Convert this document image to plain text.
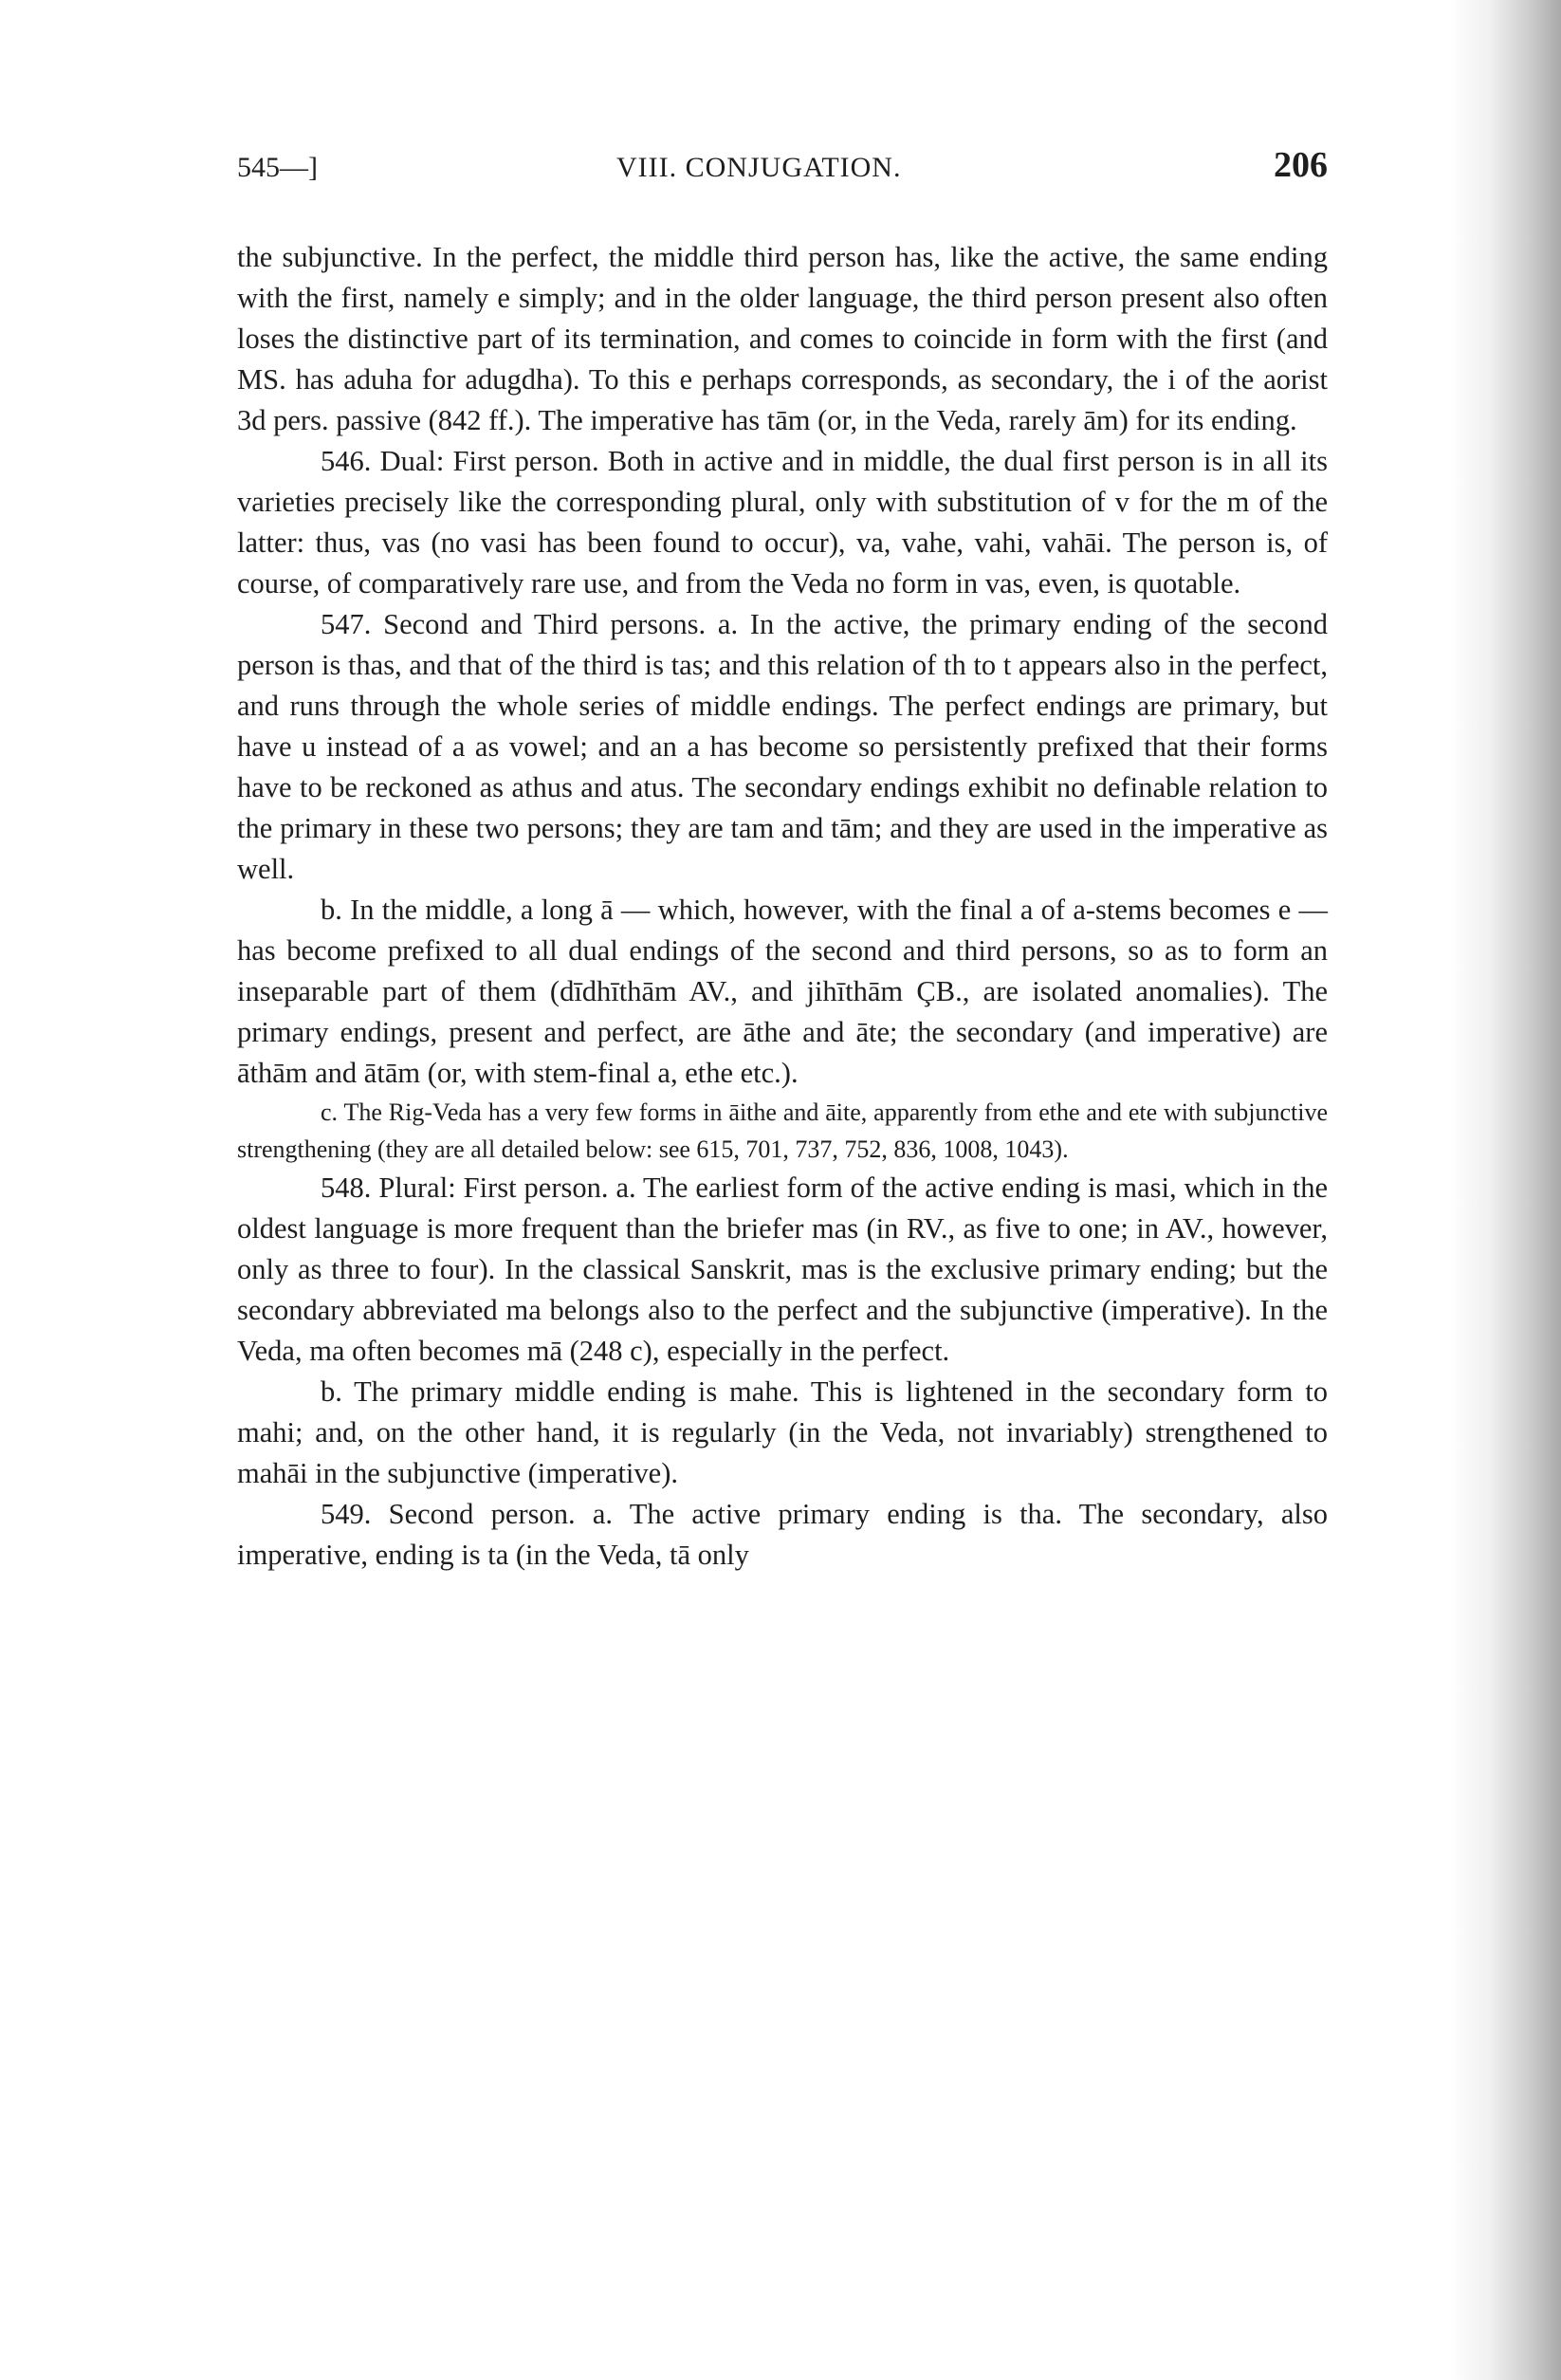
545—]	VIII. CONJUGATION.	206

the subjunctive. In the perfect, the middle third person has, like the active, the same ending with the first, namely e simply; and in the older language, the third person present also often loses the distinctive part of its termination, and comes to coincide in form with the first (and MS. has aduha for adugdha). To this e perhaps corresponds, as secondary, the i of the aorist 3d pers. passive (842 ff.). The imperative has tām (or, in the Veda, rarely ām) for its ending.

546. Dual: First person. Both in active and in middle, the dual first person is in all its varieties precisely like the corresponding plural, only with substitution of v for the m of the latter: thus, vas (no vasi has been found to occur), va, vahe, vahi, vahāi. The person is, of course, of comparatively rare use, and from the Veda no form in vas, even, is quotable.

547. Second and Third persons. a. In the active, the primary ending of the second person is thas, and that of the third is tas; and this relation of th to t appears also in the perfect, and runs through the whole series of middle endings. The perfect endings are primary, but have u instead of a as vowel; and an a has become so persistently prefixed that their forms have to be reckoned as athus and atus. The secondary endings exhibit no definable relation to the primary in these two persons; they are tam and tām; and they are used in the imperative as well.

b. In the middle, a long ā — which, however, with the final a of a-stems becomes e — has become prefixed to all dual endings of the second and third persons, so as to form an inseparable part of them (dīdhīthām AV., and jihīthām ÇB., are isolated anomalies). The primary endings, present and perfect, are āthe and āte; the secondary (and imperative) are āthām and ātām (or, with stem-final a, ethe etc.).

c. The Rig-Veda has a very few forms in āithe and āite, apparently from ethe and ete with subjunctive strengthening (they are all detailed below: see 615, 701, 737, 752, 836, 1008, 1043).

548. Plural: First person. a. The earliest form of the active ending is masi, which in the oldest language is more frequent than the briefer mas (in RV., as five to one; in AV., however, only as three to four). In the classical Sanskrit, mas is the exclusive primary ending; but the secondary abbreviated ma belongs also to the perfect and the subjunctive (imperative). In the Veda, ma often becomes mā (248 c), especially in the perfect.

b. The primary middle ending is mahe. This is lightened in the secondary form to mahi; and, on the other hand, it is regularly (in the Veda, not invariably) strengthened to mahāi in the subjunctive (imperative).

549. Second person. a. The active primary ending is tha. The secondary, also imperative, ending is ta (in the Veda, tā only
